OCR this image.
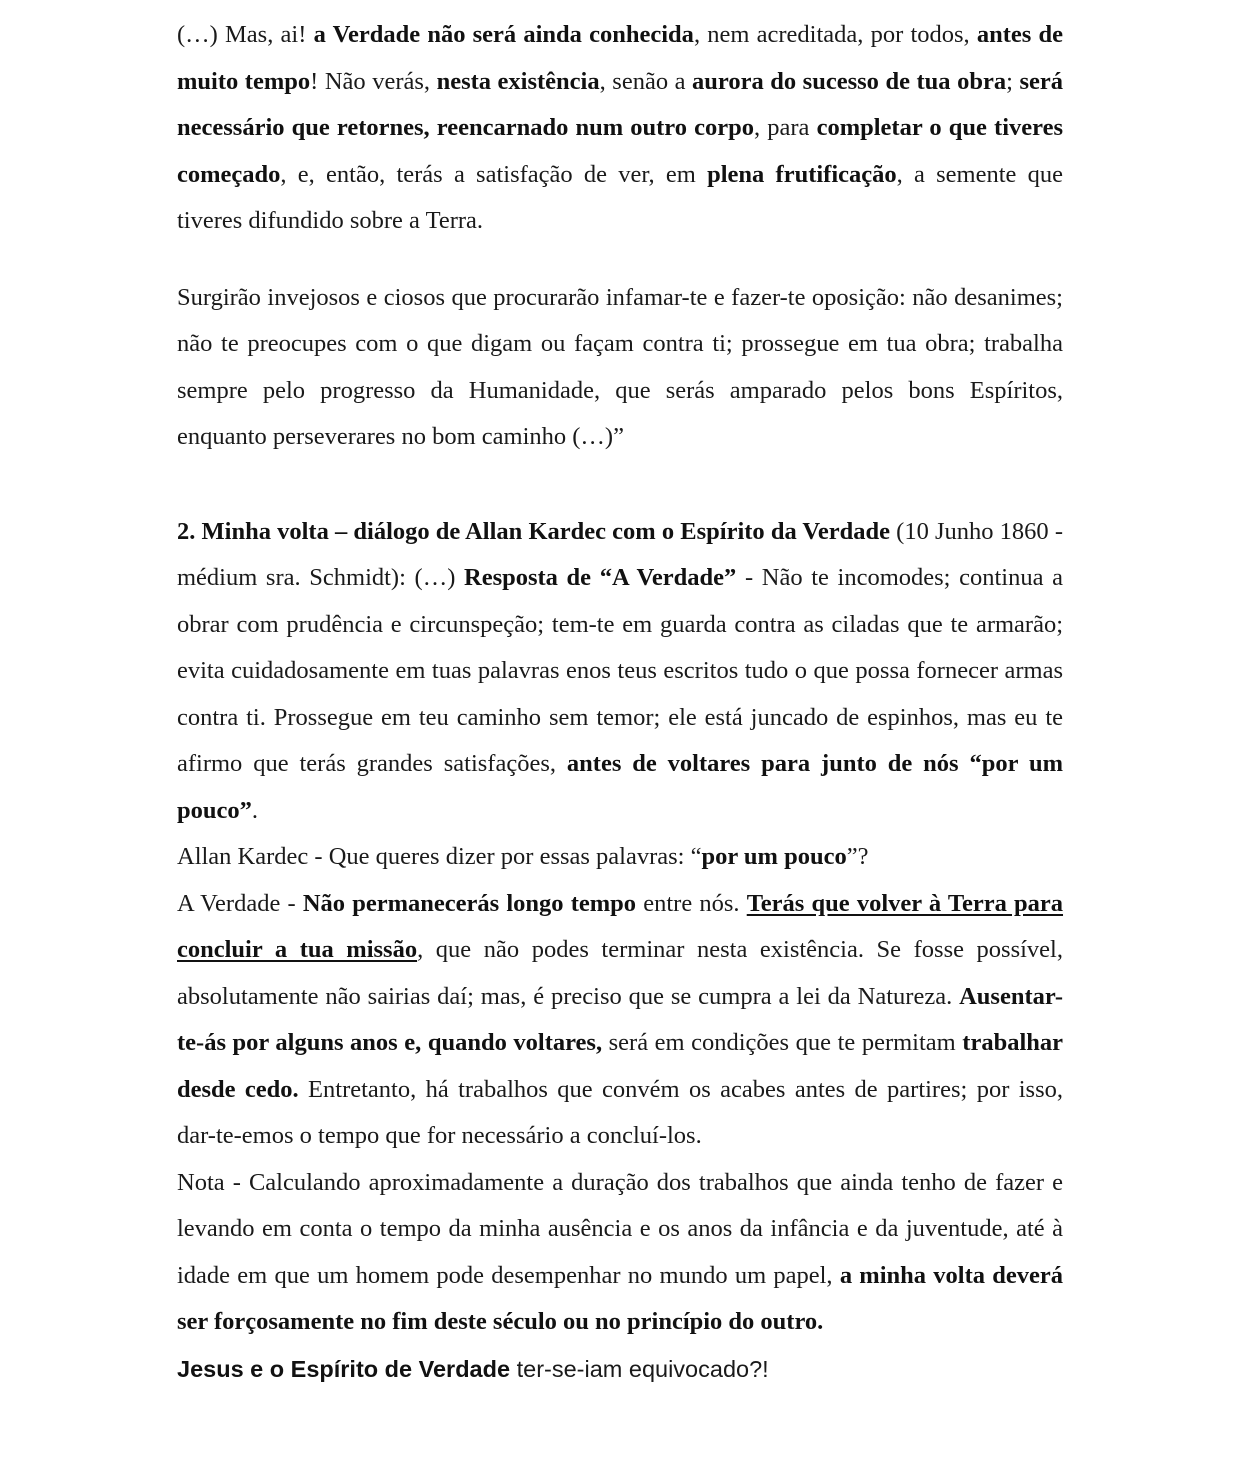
(…) Mas, ai! a Verdade não será ainda conhecida, nem acreditada, por todos, antes de muito tempo! Não verás, nesta existência, senão a aurora do sucesso de tua obra; será necessário que retornes, reencarnado num outro corpo, para completar o que tiveres começado, e, então, terás a satisfação de ver, em plena frutificação, a semente que tiveres difundido sobre a Terra.

Surgirão invejosos e ciosos que procurarão infamar-te e fazer-te oposição: não desanimes; não te preocupes com o que digam ou façam contra ti; prossegue em tua obra; trabalha sempre pelo progresso da Humanidade, que serás amparado pelos bons Espíritos, enquanto perseverares no bom caminho (…)”

2. Minha volta – diálogo de Allan Kardec com o Espírito da Verdade (10 Junho 1860 - médium sra. Schmidt): (…) Resposta de “A Verdade” - Não te incomodes; continua a obrar com prudência e circunspeção; tem-te em guarda contra as ciladas que te armarão; evita cuidadosamente em tuas palavras enos teus escritos tudo o que possa fornecer armas contra ti. Prossegue em teu caminho sem temor; ele está juncado de espinhos, mas eu te afirmo que terás grandes satisfações, antes de voltares para junto de nós “por um pouco”.

Allan Kardec - Que queres dizer por essas palavras: “por um pouco”?

A Verdade - Não permanecerás longo tempo entre nós. Terás que volver à Terra para concluir a tua missão, que não podes terminar nesta existência. Se fosse possível, absolutamente não sairias daí; mas, é preciso que se cumpra a lei da Natureza. Ausentar-te-ás por alguns anos e, quando voltares, será em condições que te permitam trabalhar desde cedo. Entretanto, há trabalhos que convém os acabes antes de partires; por isso, dar-te-emos o tempo que for necessário a concluí-los.

Nota - Calculando aproximadamente a duração dos trabalhos que ainda tenho de fazer e levando em conta o tempo da minha ausência e os anos da infância e da juventude, até à idade em que um homem pode desempenhar no mundo um papel, a minha volta deverá ser forçosamente no fim deste século ou no princípio do outro.

Jesus e o Espírito de Verdade ter-se-iam equivocado?!
